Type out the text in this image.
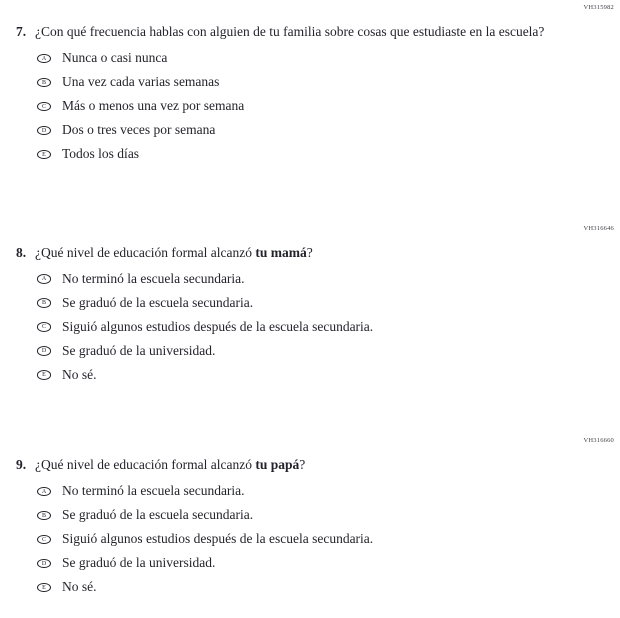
VH315982
7. ¿Con qué frecuencia hablas con alguien de tu familia sobre cosas que estudiaste en la escuela?

A	Nunca o casi nunca
B	Una vez cada varias semanas
C	Más o menos una vez por semana
D	Dos o tres veces por semana
E	Todos los días
VH316646
8. ¿Qué nivel de educación formal alcanzó tu mamá?

A	No terminó la escuela secundaria.
B	Se graduó de la escuela secundaria.
C	Siguió algunos estudios después de la escuela secundaria.
D	Se graduó de la universidad.
E	No sé.
VH316660
9. ¿Qué nivel de educación formal alcanzó tu papá?

A	No terminó la escuela secundaria.
B	Se graduó de la escuela secundaria.
C	Siguió algunos estudios después de la escuela secundaria.
D	Se graduó de la universidad.
E	No sé.
